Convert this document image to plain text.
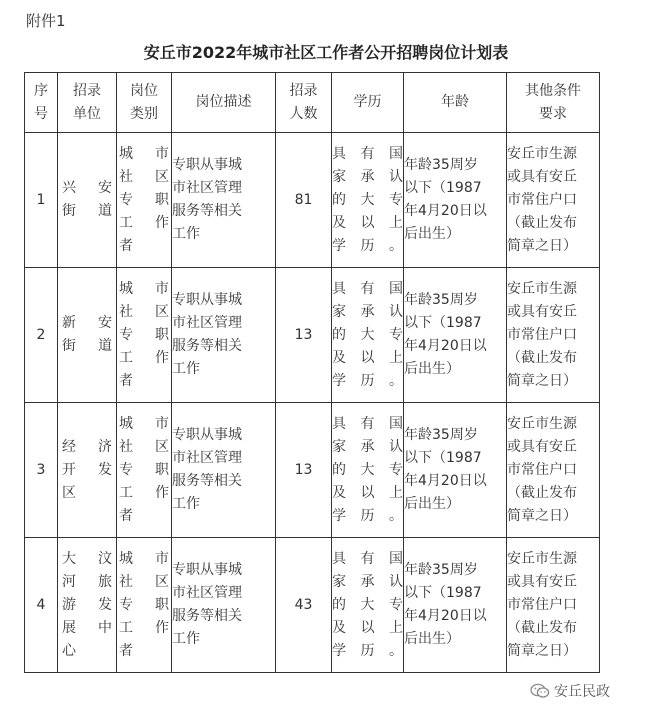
附件1
安丘市2022年城市社区工作者公开招聘岗位计划表
序
号	招录
单位	岗位
类别	岗位描述	招录
人数	学历	年龄	其他条件
要求

1	兴安
街道	城市
社区
专职
工作
者	专职从事城
市社区管理
服务等相关
工作	81	具有国
家承认
的大专
及以上
学历。	年龄35周岁
以下（1987
年4月20日以
后出生）	安丘市生源
或具有安丘
市常住户口
（截止发布
简章之日）

2	新安
街道	城市
社区
专职
工作
者	专职从事城
市社区管理
服务等相关
工作	13	具有国
家承认
的大专
及以上
学历。	年龄35周岁
以下（1987
年4月20日以
后出生）	安丘市生源
或具有安丘
市常住户口
（截止发布
简章之日）

3	经济
开发
区	城市
社区
专职
工作
者	专职从事城
市社区管理
服务等相关
工作	13	具有国
家承认
的大专
及以上
学历。	年龄35周岁
以下（1987
年4月20日以
后出生）	安丘市生源
或具有安丘
市常住户口
（截止发布
简章之日）

4	大汶
河旅
游发
展中
心	城市
社区
专职
工作
者	专职从事城
市社区管理
服务等相关
工作	43	具有国
家承认
的大专
及以上
学历。	年龄35周岁
以下（1987
年4月20日以
后出生）	安丘市生源
或具有安丘
市常住户口
（截止发布
简章之日）
安丘民政
